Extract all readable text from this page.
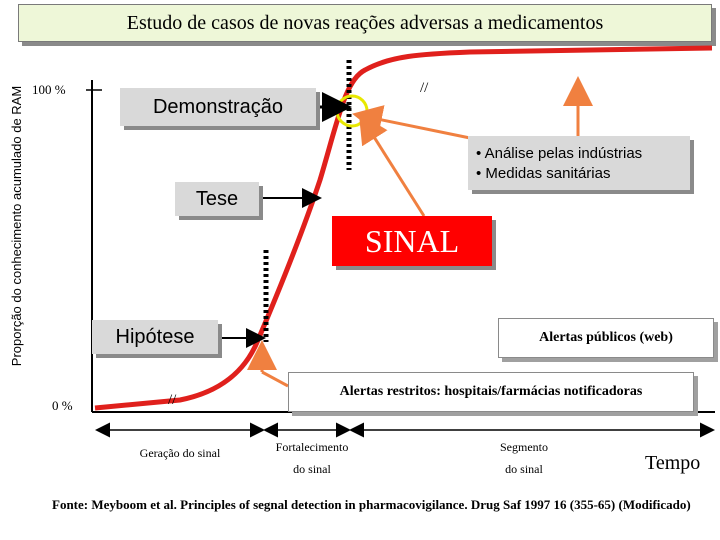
Estudo de casos de novas reações adversas a medicamentos
Proporção do conhecimento acumulado de RAM 100 %
0 %
//
//
Demonstração
Tese
Hipótese
• Análise pelas indústrias
• Medidas sanitárias
SINAL
Alertas públicos (web)
Alertas restritos: hospitais/farmácias notificadoras
Geração do sinal	Fortalecimento
do sinal
Segmento
do sinal	Tempo
Fonte: Meyboom et al. Principles of segnal detection in pharmacovigilance. Drug Saf 1997 16 (355-65) (Modificado)
